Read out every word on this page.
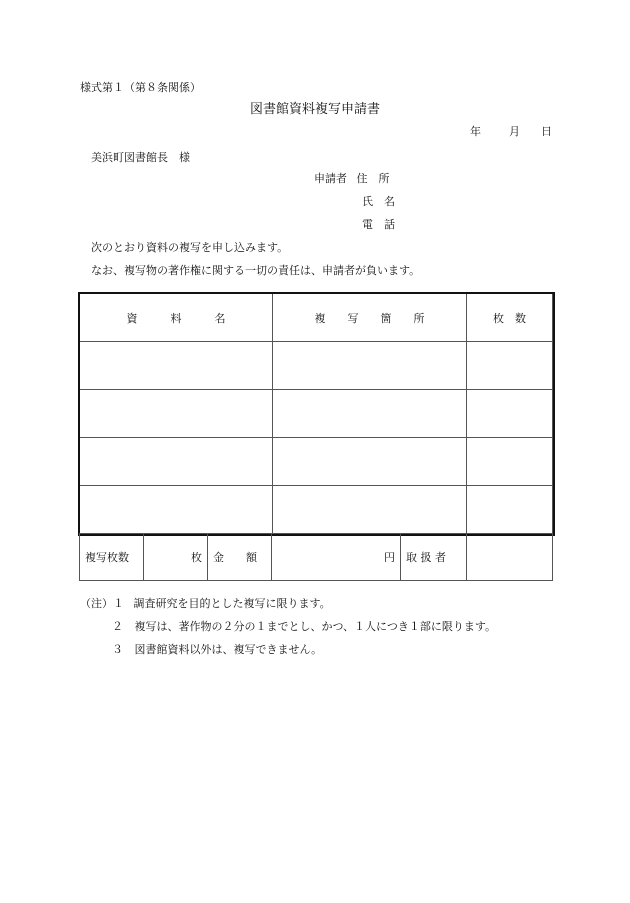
様式第１（第８条関係）
図書館資料複写申請書
年	月 日
美浜町図書館長　様
申請者 住　所
氏　名
電　話
次のとおり資料の複写を申し込みます。
なお、複写物の著作権に関する一切の責任は、申請者が負います。
資　　　料　　　名	複　　写　　箇　　所	枚　数

複写枚数	枚	金　　額	円	取 扱 者	
（注）１ 調査研究を目的とした複写に限ります。
２ 複写は、著作物の２分の１までとし、かつ、１人につき１部に限ります。
３ 図書館資料以外は、複写できません。
